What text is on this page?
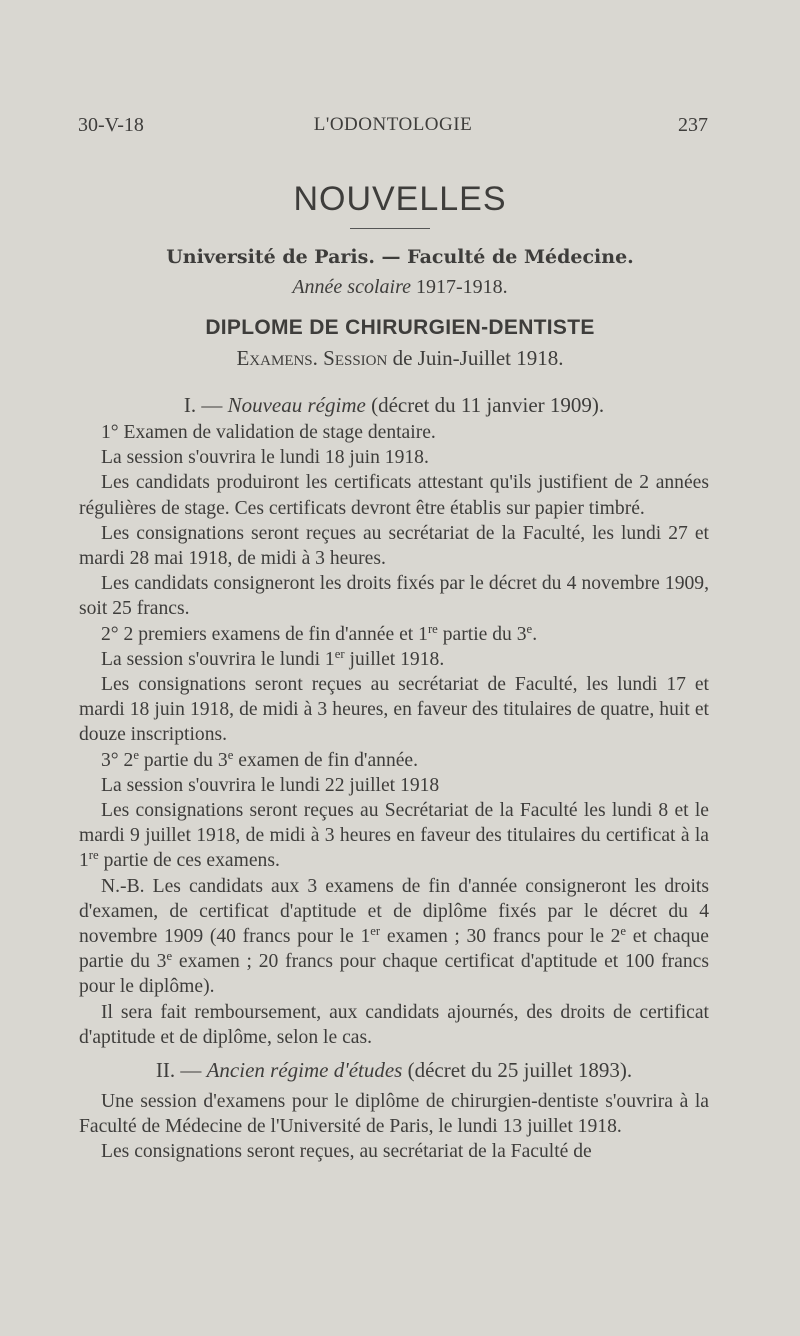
30-V-18	L'ODONTOLOGIE	237
NOUVELLES
Université de Paris. — Faculté de Médecine.
Année scolaire 1917-1918.
DIPLOME DE CHIRURGIEN-DENTISTE
Examens. Session de Juin-Juillet 1918.

I. — Nouveau régime (décret du 11 janvier 1909).

1° Examen de validation de stage dentaire.

La session s'ouvrira le lundi 18 juin 1918.

Les candidats produiront les certificats attestant qu'ils justifient de 2 années régulières de stage. Ces certificats devront être établis sur papier timbré.

Les consignations seront reçues au secrétariat de la Faculté, les lundi 27 et mardi 28 mai 1918, de midi à 3 heures.

Les candidats consigneront les droits fixés par le décret du 4 novembre 1909, soit 25 francs.

2° 2 premiers examens de fin d'année et 1re partie du 3e.

La session s'ouvrira le lundi 1er juillet 1918.

Les consignations seront reçues au secrétariat de Faculté, les lundi 17 et mardi 18 juin 1918, de midi à 3 heures, en faveur des titulaires de quatre, huit et douze inscriptions.

3° 2e partie du 3e examen de fin d'année.

La session s'ouvrira le lundi 22 juillet 1918

Les consignations seront reçues au Secrétariat de la Faculté les lundi 8 et le mardi 9 juillet 1918, de midi à 3 heures en faveur des titulaires du certificat à la 1re partie de ces examens.

N.-B. Les candidats aux 3 examens de fin d'année consigneront les droits d'examen, de certificat d'aptitude et de diplôme fixés par le décret du 4 novembre 1909 (40 francs pour le 1er examen ; 30 francs pour le 2e et chaque partie du 3e examen ; 20 francs pour chaque certificat d'aptitude et 100 francs pour le diplôme).

Il sera fait remboursement, aux candidats ajournés, des droits de certificat d'aptitude et de diplôme, selon le cas.

II. — Ancien régime d'études (décret du 25 juillet 1893).

Une session d'examens pour le diplôme de chirurgien-dentiste s'ouvrira à la Faculté de Médecine de l'Université de Paris, le lundi 13 juillet 1918.

Les consignations seront reçues, au secrétariat de la Faculté de
